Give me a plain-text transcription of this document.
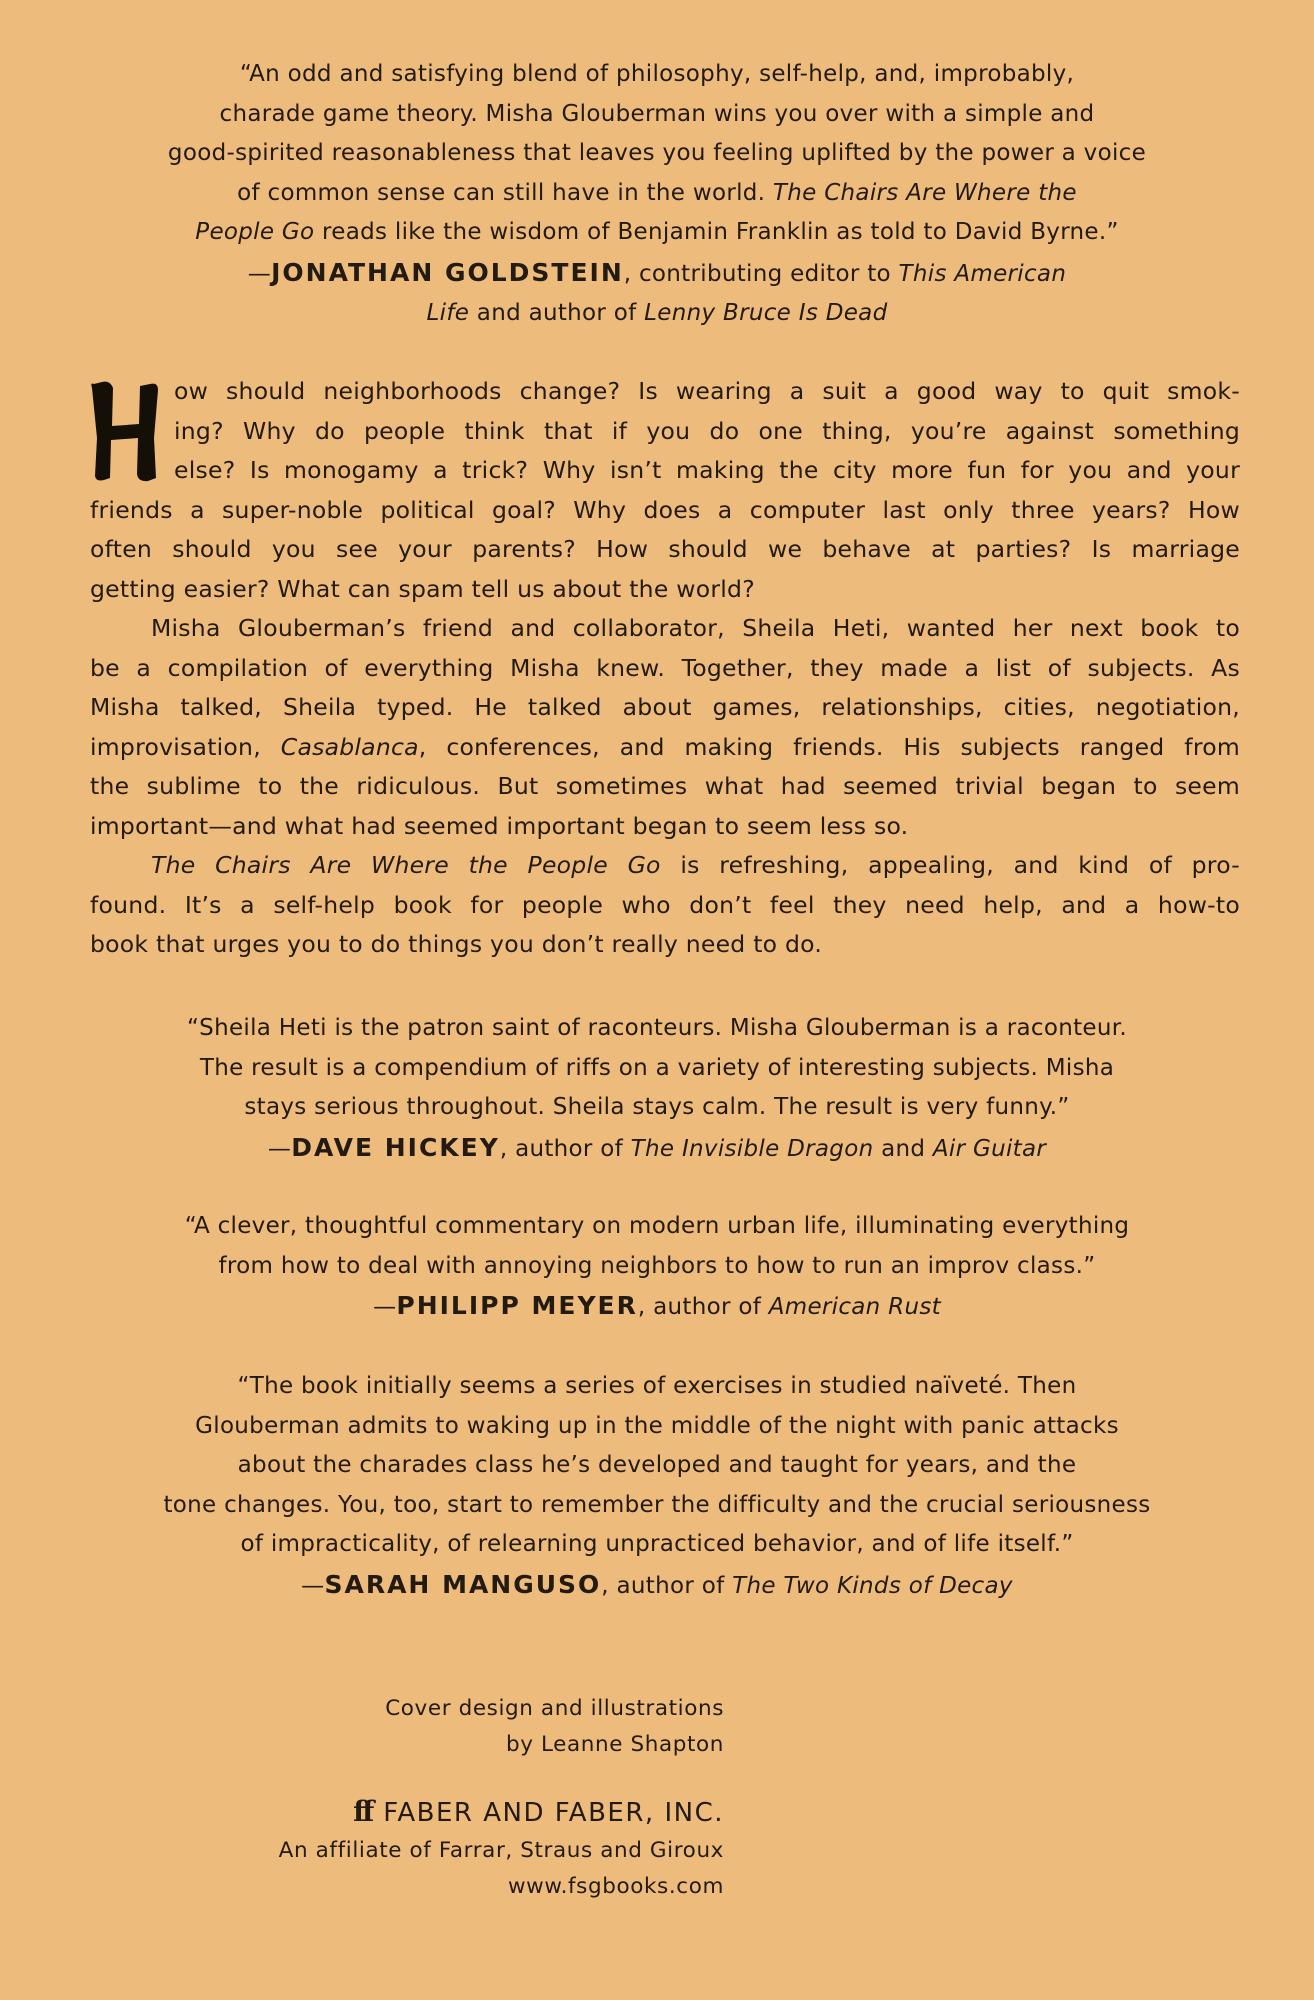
“An odd and satisfying blend of philosophy, self-help, and, improbably,
charade game theory. Misha Glouberman wins you over with a simple and
good-spirited reasonableness that leaves you feeling uplifted by the power a voice
of common sense can still have in the world. The Chairs Are Where the
People Go reads like the wisdom of Benjamin Franklin as told to David Byrne.”
—JONATHAN GOLDSTEIN, contributing editor to This American
Life and author of Lenny Bruce Is Dead
ow should neighborhoods change? Is wearing a suit a good way to quit smok-
ing? Why do people think that if you do one thing, you’re against something
else? Is monogamy a trick? Why isn’t making the city more fun for you and your
friends a super-noble political goal? Why does a computer last only three years? How
often should you see your parents? How should we behave at parties? Is marriage
getting easier? What can spam tell us about the world?
Misha Glouberman’s friend and collaborator, Sheila Heti, wanted her next book to
be a compilation of everything Misha knew. Together, they made a list of subjects. As
Misha talked, Sheila typed. He talked about games, relationships, cities, negotiation,
improvisation, Casablanca, conferences, and making friends. His subjects ranged from
the sublime to the ridiculous. But sometimes what had seemed trivial began to seem
important—and what had seemed important began to seem less so.
The Chairs Are Where the People Go is refreshing, appealing, and kind of pro-
found. It’s a self-help book for people who don’t feel they need help, and a how-to
book that urges you to do things you don’t really need to do.
“Sheila Heti is the patron saint of raconteurs. Misha Glouberman is a raconteur.
The result is a compendium of riffs on a variety of interesting subjects. Misha
stays serious throughout. Sheila stays calm. The result is very funny.”
—DAVE HICKEY, author of The Invisible Dragon and Air Guitar
“A clever, thoughtful commentary on modern urban life, illuminating everything
from how to deal with annoying neighbors to how to run an improv class.”
—PHILIPP MEYER, author of American Rust
“The book initially seems a series of exercises in studied naïveté. Then
Glouberman admits to waking up in the middle of the night with panic attacks
about the charades class he’s developed and taught for years, and the
tone changes. You, too, start to remember the difficulty and the crucial seriousness
of impracticality, of relearning unpracticed behavior, and of life itself.”
—SARAH MANGUSO, author of The Two Kinds of Decay
Cover design and illustrations
by Leanne Shapton
ff FABER AND FABER, INC.
An affiliate of Farrar, Straus and Giroux
www.fsgbooks.com
